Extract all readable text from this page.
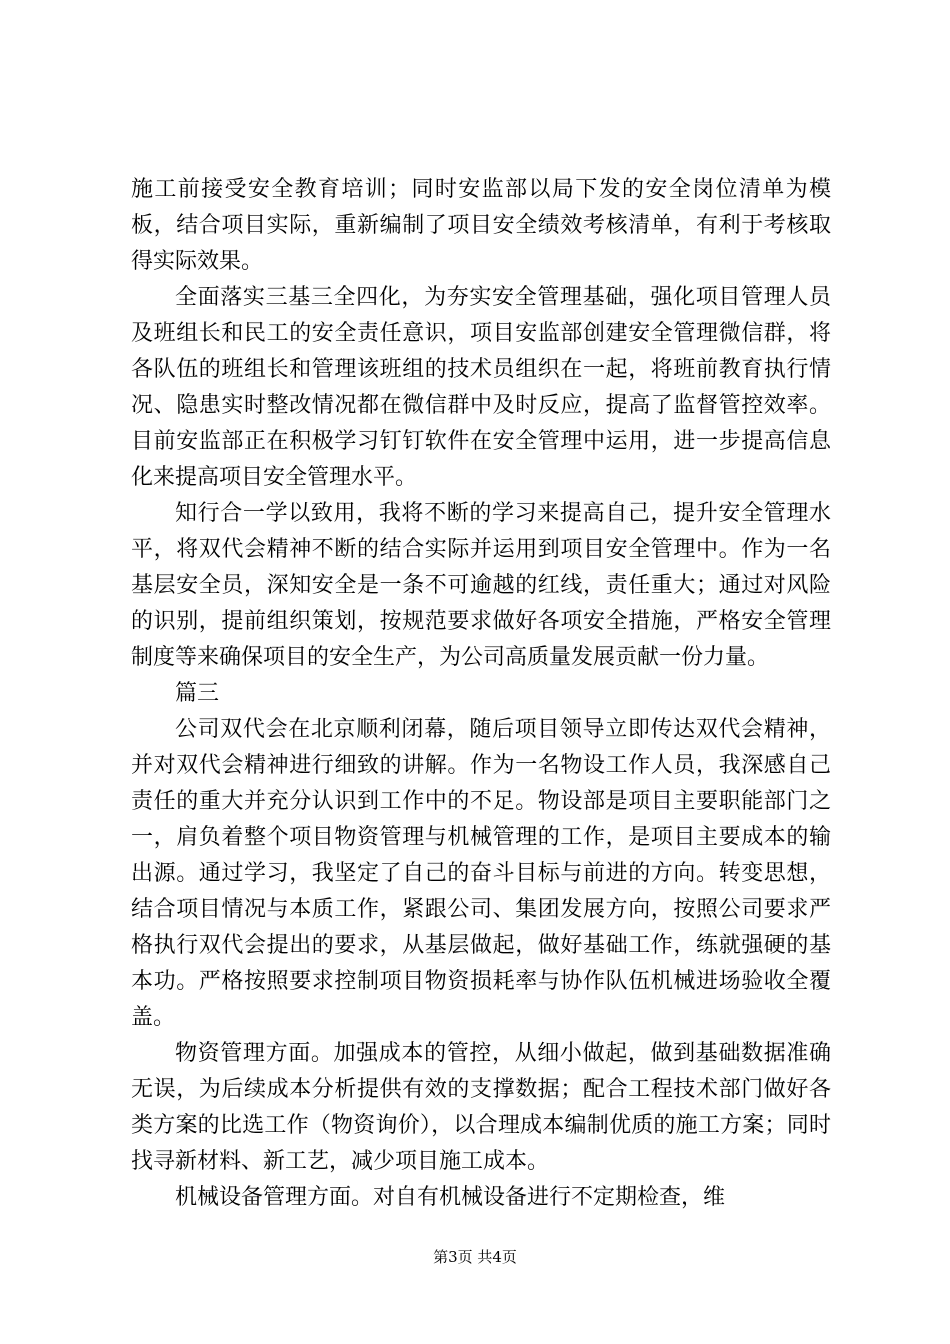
施工前接受安全教育培训；同时安监部以局下发的安全岗位清单为模板，结合项目实际，重新编制了项目安全绩效考核清单，有利于考核取得实际效果。

全面落实三基三全四化，为夯实安全管理基础，强化项目管理人员及班组长和民工的安全责任意识，项目安监部创建安全管理微信群，将各队伍的班组长和管理该班组的技术员组织在一起，将班前教育执行情况、隐患实时整改情况都在微信群中及时反应，提高了监督管控效率。目前安监部正在积极学习钉钉软件在安全管理中运用，进一步提高信息化来提高项目安全管理水平。

知行合一学以致用，我将不断的学习来提高自己，提升安全管理水平，将双代会精神不断的结合实际并运用到项目安全管理中。作为一名基层安全员，深知安全是一条不可逾越的红线，责任重大；通过对风险的识别，提前组织策划，按规范要求做好各项安全措施，严格安全管理制度等来确保项目的安全生产，为公司高质量发展贡献一份力量。

篇三

公司双代会在北京顺利闭幕，随后项目领导立即传达双代会精神，并对双代会精神进行细致的讲解。作为一名物设工作人员，我深感自己责任的重大并充分认识到工作中的不足。物设部是项目主要职能部门之一，肩负着整个项目物资管理与机械管理的工作，是项目主要成本的输出源。通过学习，我坚定了自己的奋斗目标与前进的方向。转变思想，结合项目情况与本质工作，紧跟公司、集团发展方向，按照公司要求严格执行双代会提出的要求，从基层做起，做好基础工作，练就强硬的基本功。严格按照要求控制项目物资损耗率与协作队伍机械进场验收全覆盖。

物资管理方面。加强成本的管控，从细小做起，做到基础数据准确无误，为后续成本分析提供有效的支撑数据；配合工程技术部门做好各类方案的比选工作（物资询价），以合理成本编制优质的施工方案；同时找寻新材料、新工艺，减少项目施工成本。

机械设备管理方面。对自有机械设备进行不定期检查，维

第3页 共4页
